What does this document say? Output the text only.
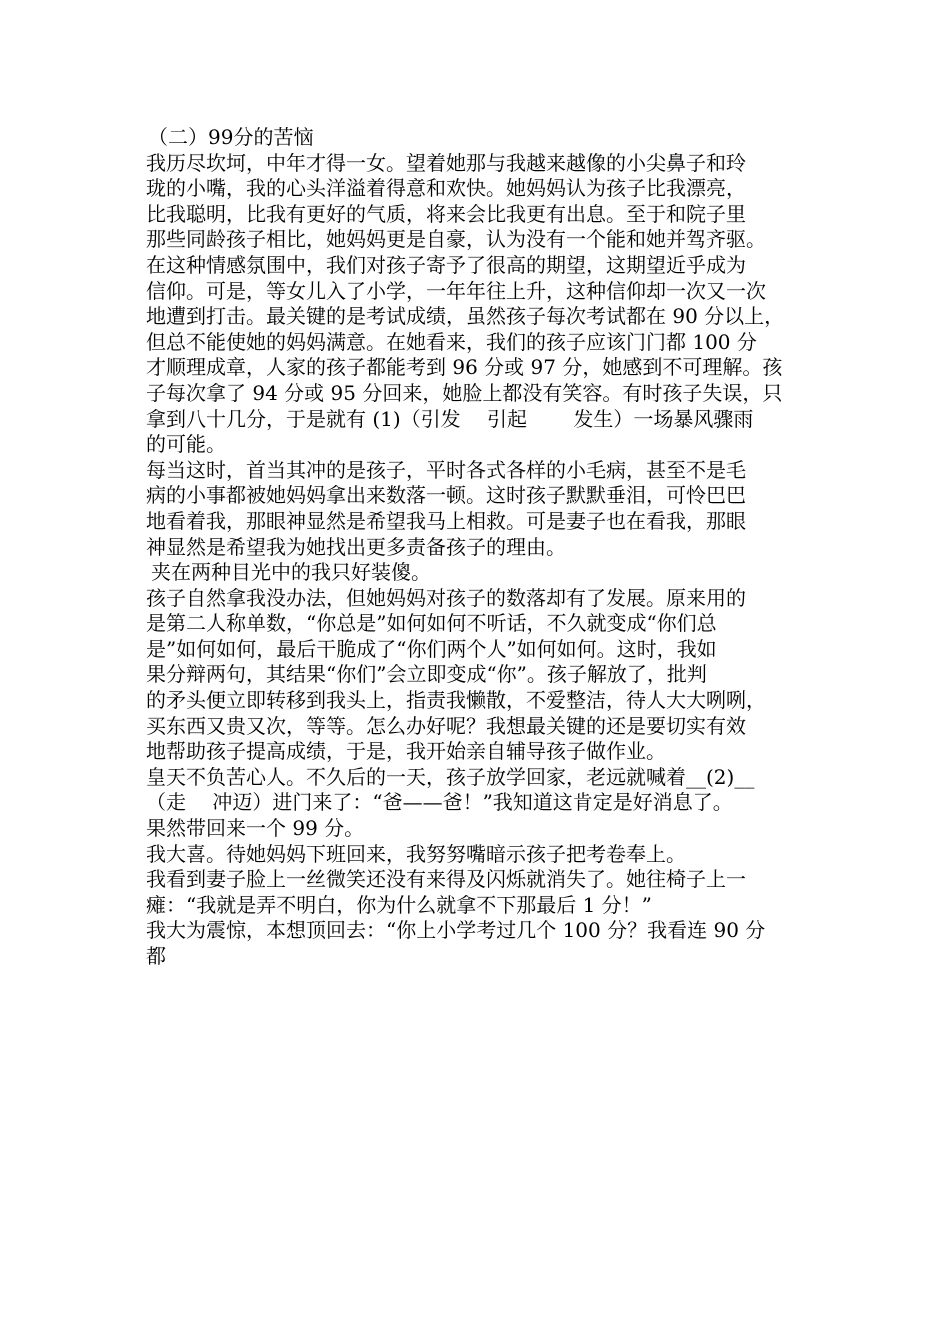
（二）99分的苦恼
我历尽坎坷，中年才得一女。望着她那与我越来越像的小尖鼻子和玲
珑的小嘴，我的心头洋溢着得意和欢快。她妈妈认为孩子比我漂亮，
比我聪明，比我有更好的气质，将来会比我更有出息。至于和院子里
那些同龄孩子相比，她妈妈更是自豪，认为没有一个能和她并驾齐驱。
在这种情感氛围中，我们对孩子寄予了很高的期望，这期望近乎成为
信仰。可是，等女儿入了小学，一年年往上升，这种信仰却一次又一次
地遭到打击。最关键的是考试成绩，虽然孩子每次考试都在 90 分以上，
但总不能使她的妈妈满意。在她看来，我们的孩子应该门门都 100 分
才顺理成章，人家的孩子都能考到 96 分或 97 分，她感到不可理解。孩
子每次拿了 94 分或 95 分回来，她脸上都没有笑容。有时孩子失误，只
拿到八十几分，于是就有 (1)（引发　 引起　　 发生）一场暴风骤雨
的可能。
每当这时，首当其冲的是孩子，平时各式各样的小毛病，甚至不是毛
病的小事都被她妈妈拿出来数落一顿。这时孩子默默垂泪，可怜巴巴
地看着我，那眼神显然是希望我马上相救。可是妻子也在看我，那眼
神显然是希望我为她找出更多责备孩子的理由。
夹在两种目光中的我只好装傻。
孩子自然拿我没办法，但她妈妈对孩子的数落却有了发展。原来用的
是第二人称单数，“你总是”如何如何不听话，不久就变成“你们总
是”如何如何，最后干脆成了“你们两个人”如何如何。这时，我如
果分辩两句，其结果“你们”会立即变成“你”。孩子解放了，批判
的矛头便立即转移到我头上，指责我懒散，不爱整洁，待人大大咧咧，
买东西又贵又次，等等。怎么办好呢？我想最关键的还是要切实有效
地帮助孩子提高成绩，于是，我开始亲自辅导孩子做作业。
皇天不负苦心人。不久后的一天，孩子放学回家，老远就喊着__(2)__
（走　 冲迈）进门来了：“爸——爸！”我知道这肯定是好消息了。
果然带回来一个 99 分。
我大喜。待她妈妈下班回来，我努努嘴暗示孩子把考卷奉上。
我看到妻子脸上一丝微笑还没有来得及闪烁就消失了。她往椅子上一
瘫：“我就是弄不明白，你为什么就拿不下那最后 1 分！”
我大为震惊，本想顶回去：“你上小学考过几个 100 分？我看连 90 分
都
